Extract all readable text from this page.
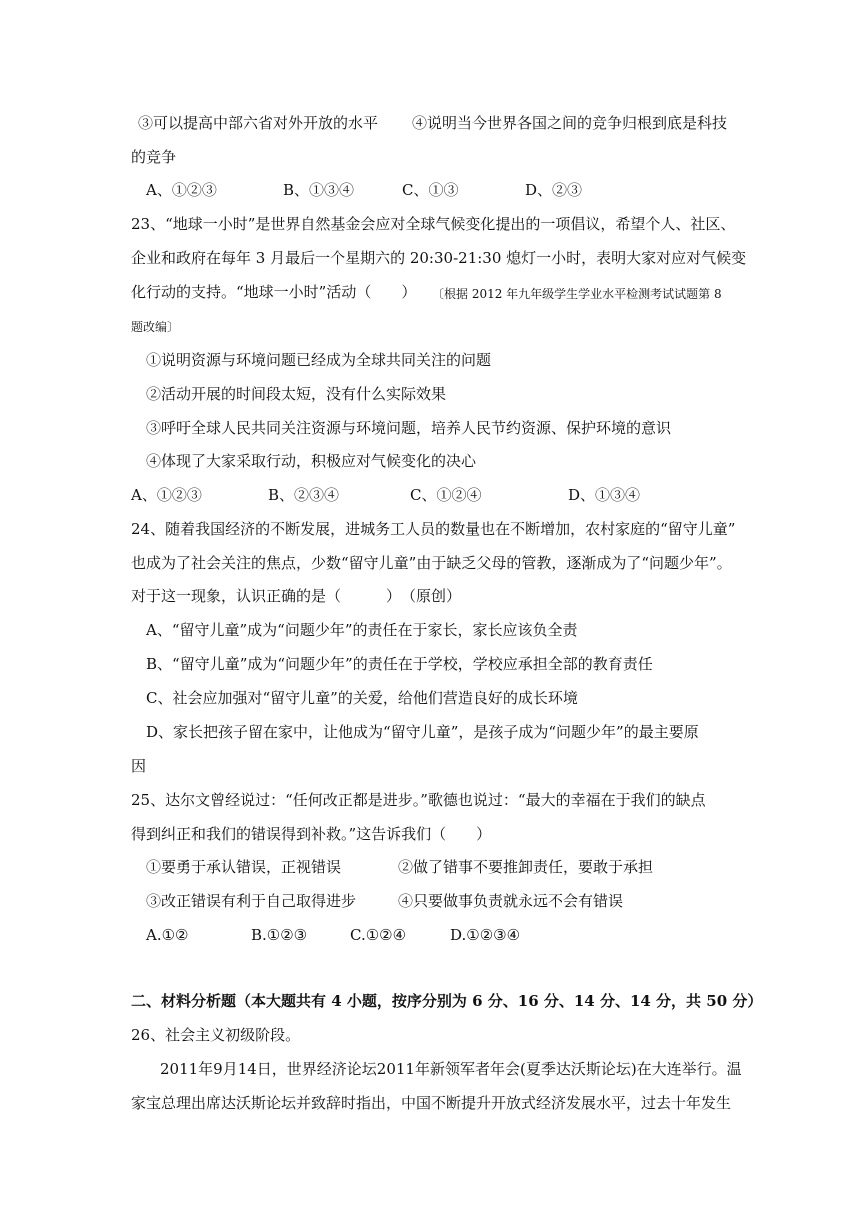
③可以提高中部六省对外开放的水平 ④说明当今世界各国之间的竞争归根到底是科技
的竞争
A、①②③	B、①③④	C、①③	D、②③
23、“地球一小时”是世界自然基金会应对全球气候变化提出的一项倡议，希望个人、社区、
企业和政府在每年 3 月最后一个星期六的 20:30-21:30 熄灯一小时，表明大家对应对气候变
化行动的支持。“地球一小时”活动（　　） 〔根据 2012 年九年级学生学业水平检测考试试题第 8
题改编〕
①说明资源与环境问题已经成为全球共同关注的问题
②活动开展的时间段太短，没有什么实际效果
③呼吁全球人民共同关注资源与环境问题，培养人民节约资源、保护环境的意识
④体现了大家采取行动，积极应对气候变化的决心
A、①②③	B、②③④	C、①②④	D、①③④
24、随着我国经济的不断发展，进城务工人员的数量也在不断增加，农村家庭的“留守儿童”
也成为了社会关注的焦点，少数“留守儿童”由于缺乏父母的管教，逐渐成为了“问题少年”。
对于这一现象，认识正确的是（　　　）　（原创）
A、“留守儿童”成为“问题少年”的责任在于家长，家长应该负全责
B、“留守儿童”成为“问题少年”的责任在于学校，学校应承担全部的教育责任
C、社会应加强对“留守儿童”的关爱，给他们营造良好的成长环境
D、家长把孩子留在家中，让他成为“留守儿童”，是孩子成为“问题少年”的最主要原
因
25、达尔文曾经说过：“任何改正都是进步。”歌德也说过：“最大的幸福在于我们的缺点
得到纠正和我们的错误得到补救。”这告诉我们（　　）
①要勇于承认错误，正视错误	②做了错事不要推卸责任，要敢于承担
③改正错误有利于自己取得进步	④只要做事负责就永远不会有错误
A.①②	B.①②③	C.①②④	D.①②③④
二、材料分析题（本大题共有 4 小题，按序分别为 6 分、16 分、14 分、14 分，共 50 分）
26、社会主义初级阶段。
2011年9月14日，世界经济论坛2011年新领军者年会(夏季达沃斯论坛)在大连举行。温
家宝总理出席达沃斯论坛并致辞时指出，中国不断提升开放式经济发展水平，过去十年发生
